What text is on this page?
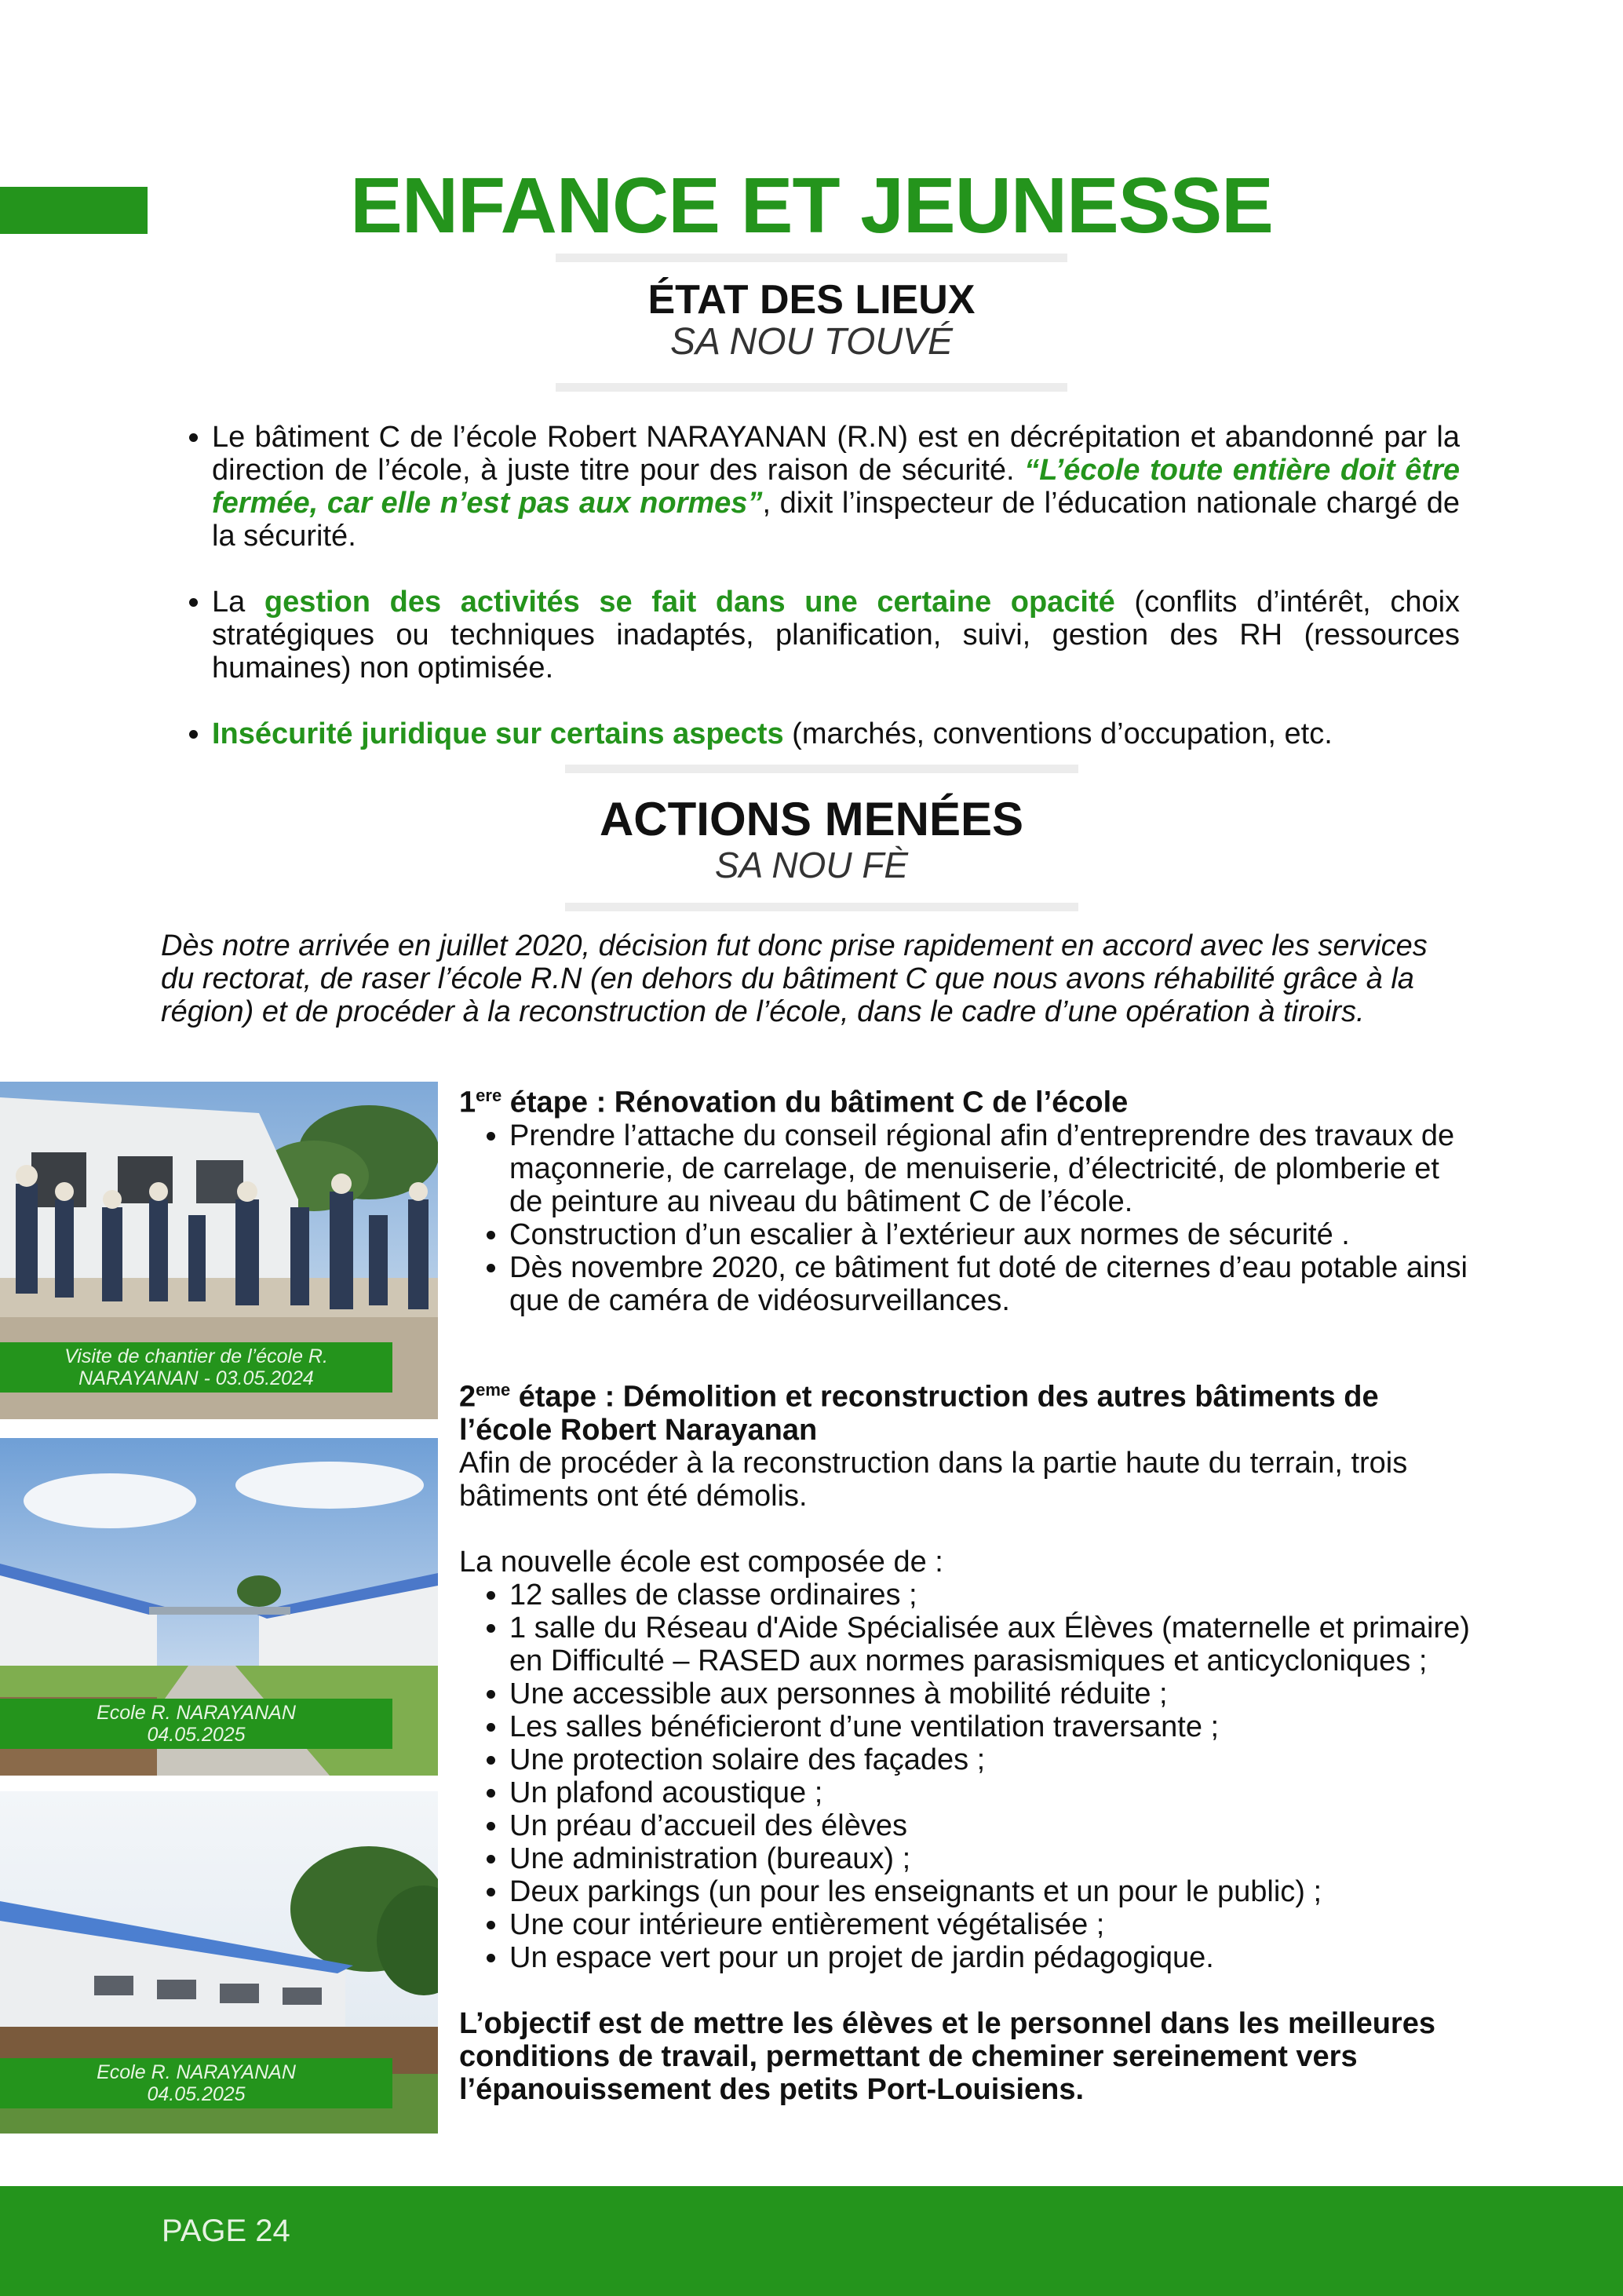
ENFANCE ET JEUNESSE
ÉTAT DES LIEUX
SA NOU TOUVÉ
• Le bâtiment C de l’école Robert NARAYANAN (R.N) est en décrépitation et abandonné par la direction de l’école, à juste titre pour des raison de sécurité. “L’école toute entière doit être fermée, car elle n’est pas aux normes”, dixit l’inspecteur de l’éducation nationale chargé de la sécurité.
• La gestion des activités se fait dans une certaine opacité (conflits d’intérêt, choix stratégiques ou techniques inadaptés, planification, suivi, gestion des RH (ressources humaines) non optimisée.
• Insécurité juridique sur certains aspects (marchés, conventions d’occupation, etc.
ACTIONS MENÉES
SA NOU FÈ
Dès notre arrivée en juillet 2020, décision fut donc prise rapidement en accord avec les services du rectorat, de raser l’école R.N (en dehors du bâtiment C que nous avons réhabilité grâce à la région) et de procéder à la reconstruction de l’école, dans le cadre d’une opération à tiroirs.
Visite de chantier de l’école R.
NARAYANAN - 03.05.2024
Ecole R. NARAYANAN
04.05.2025
Ecole R. NARAYANAN
04.05.2025
1ere étape : Rénovation du bâtiment C de l’école
• Prendre l’attache du conseil régional afin d’entreprendre des travaux de maçonnerie, de carrelage, de menuiserie, d’électricité, de plomberie et de peinture au niveau du bâtiment C de l’école.
• Construction d’un escalier à l’extérieur aux normes de sécurité .
• Dès novembre 2020, ce bâtiment fut doté de citernes d’eau potable ainsi que de caméra de vidéosurveillances.
2eme étape : Démolition et reconstruction des autres bâtiments de l’école Robert Narayanan

Afin de procéder à la reconstruction dans la partie haute du terrain, trois bâtiments ont été démolis.

La nouvelle école est composée de :

• 12 salles de classe ordinaires ;
• 1 salle du Réseau d'Aide Spécialisée aux Élèves (maternelle et primaire) en Difficulté – RASED aux normes parasismiques et anticycloniques ;
• Une accessible aux personnes à mobilité réduite ;
• Les salles bénéficieront d’une ventilation traversante ;
• Une protection solaire des façades ;
• Un plafond acoustique ;
• Un préau d’accueil des élèves
• Une administration (bureaux) ;
• Deux parkings (un pour les enseignants et un pour le public) ;
• Une cour intérieure entièrement végétalisée ;
• Un espace vert pour un projet de jardin pédagogique.

L’objectif est de mettre les élèves et le personnel dans les meilleures conditions de travail, permettant de cheminer sereinement vers l’épanouissement des petits Port-Louisiens.

PAGE 24
